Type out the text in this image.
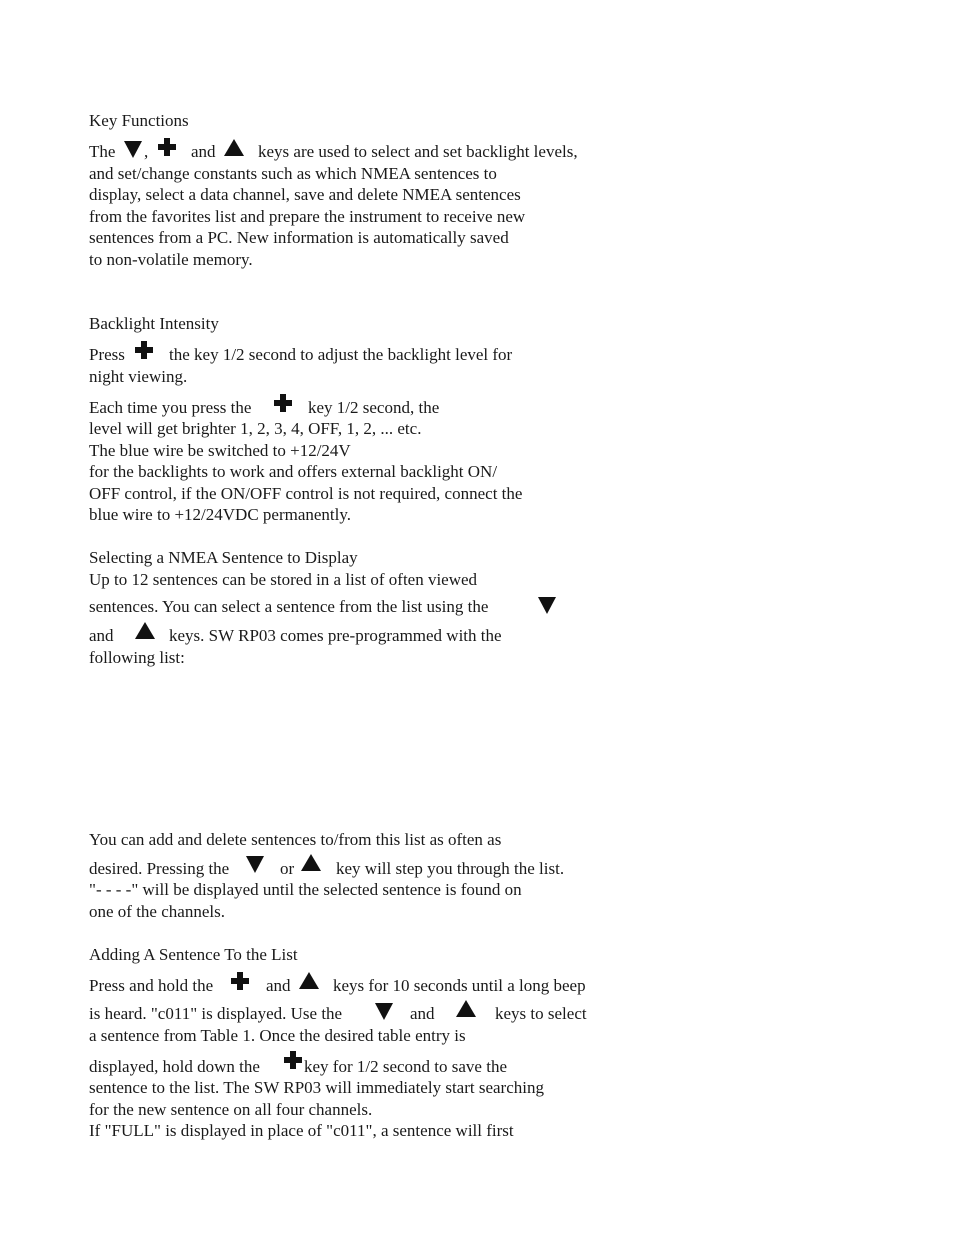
Key Functions
The ,	and keys are used to select and set backlight levels,
and set/change constants such as which NMEA sentences to
display, select a data channel, save and delete NMEA sentences
from the favorites list and prepare the instrument to receive new
sentences from a PC. New information is automatically saved
to non-volatile memory.
Backlight Intensity
Press	the key 1/2 second to adjust the backlight level for
night viewing.
Each time you press the	key 1/2 second, the
level will get brighter 1, 2, 3, 4, OFF, 1, 2, ... etc.
The blue wire be switched to +12/24V
for the backlights to work and offers external backlight ON/
OFF control, if the ON/OFF control is not required, connect the
blue wire to +12/24VDC permanently.
Selecting a NMEA Sentence to Display
Up to 12 sentences can be stored in a list of often viewed
sentences. You can select a sentence from the list using the
and	keys. SW RP03 comes pre-programmed with the
following list:
You can add and delete sentences to/from this list as often as
desired. Pressing the	or key will step you through the list.
"- - - -" will be displayed until the selected sentence is found on
one of the channels.
Adding A Sentence To the List
Press and hold the	and keys for 10 seconds until a long beep
is heard. "c011" is displayed. Use the	and	keys to select
a sentence from Table 1. Once the desired table entry is
displayed, hold down the	key for 1/2 second to save the
sentence to the list. The SW RP03 will immediately start searching
for the new sentence on all four channels.
If "FULL" is displayed in place of "c011", a sentence will first
